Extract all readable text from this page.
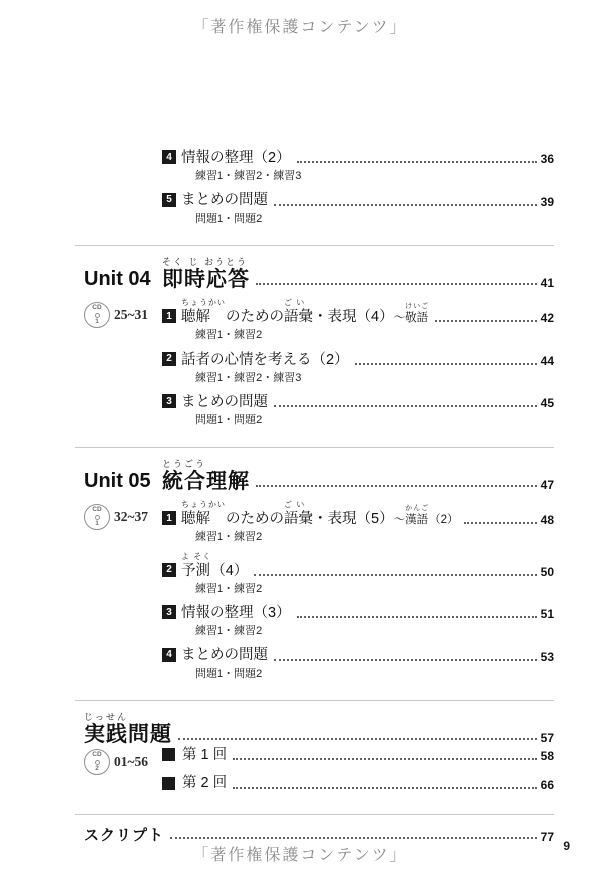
「著作権保護コンテンツ」
4 情報の整理（2）	36
練習1・練習2・練習3
5 まとめの問題	39
問題1・問題2
Unit 04
そく じ おうとう
即時応答	41
CD
1 25~31	1
ちょうかい
聴解 のための
ご い
語彙 ・表現（4） ～
けいご
敬語	42
練習1・練習2
2 話者の心情を考える（2）	44
練習1・練習2・練習3
3 まとめの問題	45
問題1・問題2
Unit 05
とうごう
統合 理解	47
CD
1 32~37	1
ちょうかい
聴解 のための
ご い
語彙 ・表現（5） ～
かんご
漢語 （2）	48
練習1・練習2
2
よ そく
予測 （4）	50
練習1・練習2
3 情報の整理（3）	51
練習1・練習2
4 まとめの問題	53
問題1・問題2
じっせん
実践 問題	57
CD
2 01~56 第 1 回	58
第 2 回	66
スクリプト	77
「著作権保護コンテンツ」
9
